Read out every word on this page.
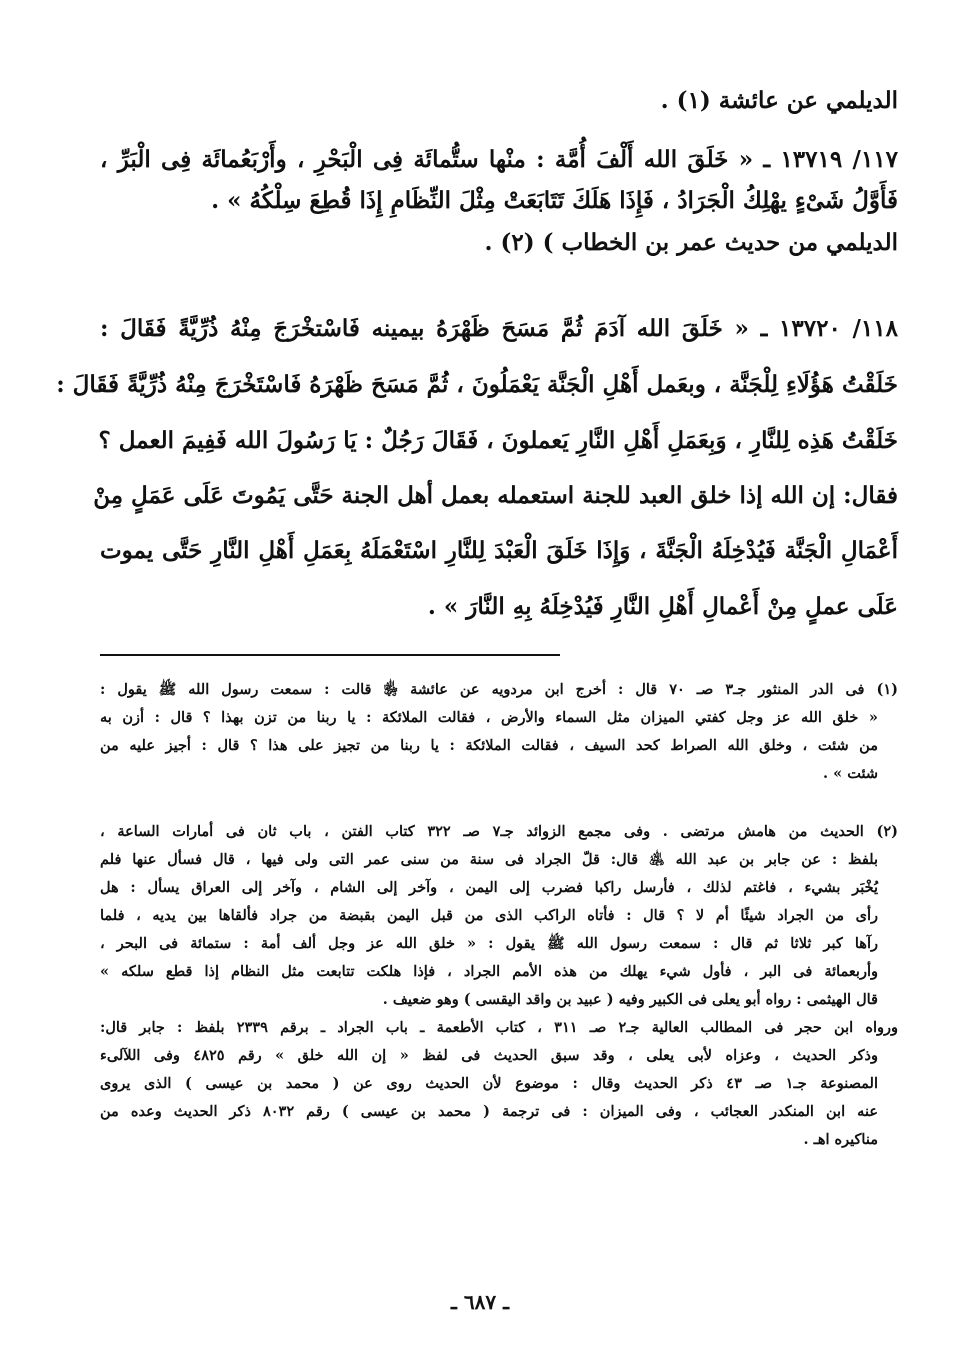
الديلمي عن عائشة (١) .
١١٧/ ١٣٧١٩ ـ « خَلَقَ الله أَلْفَ أُمَّة : منْها ستُّمائَة فِى الْبَحْرِ ، وأَرْبَعُمائَة فِى الْبَرِّ ،
فَأَوَّلُ شَىْءٍ يهْلِكُ الْجَرَادُ ، فَإِذَا هَلَكَ تَتَابَعَتْ مِثْلَ النِّظَامِ إِذَا قُطِعَ سِلْكُهُ » .
الديلمي من حديث عمر بن الخطاب ) (٢) .
١١٨/ ١٣٧٢٠ ـ « خَلَقَ الله آدَمَ ثُمَّ مَسَحَ ظَهْرَهُ بيمينه فَاسْتخْرَجَ مِنْهُ ذُرِّيَّةً فَقَالَ :
خَلَقْتُ هَؤُلَاءِ لِلْجَنَّة ، وبعَمل أَهْلِ الْجَنَّة يَعْمَلُونَ ، ثُمَّ مَسَحَ ظَهْرَهُ فَاسْتَخْرَجَ مِنْهُ ذُرِّيَّةً فَقَالَ :
خَلَقْتُ هَذِه لِلنَّارِ ، وَبِعَمَلِ أَهْلِ النَّارِ يَعملونَ ، فَقَالَ رَجُلٌ : يَا رَسُولَ الله فَفِيمَ العمل ؟
فقال: إن الله إذا خلق العبد للجنة استعمله بعمل أهل الجنة حَتَّى يَمُوتَ عَلَى عَمَلٍ مِنْ
أَعْمَالِ الْجَنَّة فَيُدْخِلَهُ الْجَنَّةَ ، وَإِذَا خَلَقَ الْعَبْدَ لِلنَّارِ اسْتَعْمَلَهُ بِعَمَلِ أَهْلِ النَّارِ حَتَّى يموت
عَلَى عملٍ مِنْ أَعْمالِ أَهْلِ النَّارِ فَيُدْخِلَهُ بِهِ النَّارَ » .
(١) فى الدر المنثور جـ٣ صـ ٧٠ قال : أخرج ابن مردويه عن عائشة ﵂ قالت : سمعت رسول الله ﷺ يقول :
« خلق الله عز وجل كفتي الميزان مثل السماء والأرض ، فقالت الملائكة : يا ربنا من تزن بهذا ؟ قال : أزن به
من شئت ، وخلق الله الصراط كحد السيف ، فقالت الملائكة : يا ربنا من تجيز على هذا ؟ قال : أجيز عليه من
شئت » .
(٢) الحديث من هامش مرتضى . وفى مجمع الزوائد جـ٧ صـ ٣٢٢ كتاب الفتن ، باب ثان فى أمارات الساعة ،
بلفظ : عن جابر بن عبد الله ﵁ قال: قلّ الجراد فى سنة من سنى عمر التى ولى فيها ، قال فسأل عنها فلم
يُخْبَر بشيء ، فاغتم لذلك ، فأرسل راكبا فضرب إلى اليمن ، وآخر إلى الشام ، وآخر إلى العراق يسأل : هل
رأى من الجراد شيئًا أم لا ؟ قال : فأتاه الراكب الذى من قبل اليمن بقبضة من جراد فألقاها بين يديه ، فلما
رآها كبر ثلاثا ثم قال : سمعت رسول الله ﷺ يقول : « خلق الله عز وجل ألف أمة : ستمائة فى البحر ،
وأربعمائة فى البر ، فأول شيء يهلك من هذه الأمم الجراد ، فإذا هلكت تتابعت مثل النظام إذا قطع سلكه »
قال الهيثمى : رواه أبو يعلى فى الكبير وفيه ( عبيد بن واقد اليقسى ) وهو ضعيف .
ورواه ابن حجر فى المطالب العالية جـ٢ صـ ٣١١ ، كتاب الأطعمة ـ باب الجراد ـ برقم ٢٣٣٩ بلفظ : جابر قال:
وذكر الحديث ، وعزاه لأبى يعلى ، وقد سبق الحديث فى لفظ « إن الله خلق » رقم ٤٨٢٥ وفى اللآلىء
المصنوعة جـ١ صـ ٤٣ ذكر الحديث وقال : موضوع لأن الحديث روى عن ( محمد بن عيسى ) الذى يروى
عنه ابن المنكدر العجائب ، وفى الميزان : فى ترجمة ( محمد بن عيسى ) رقم ٨٠٣٢ ذكر الحديث وعده من
مناكيره اهـ .
ـ ٦٨٧ ـ
